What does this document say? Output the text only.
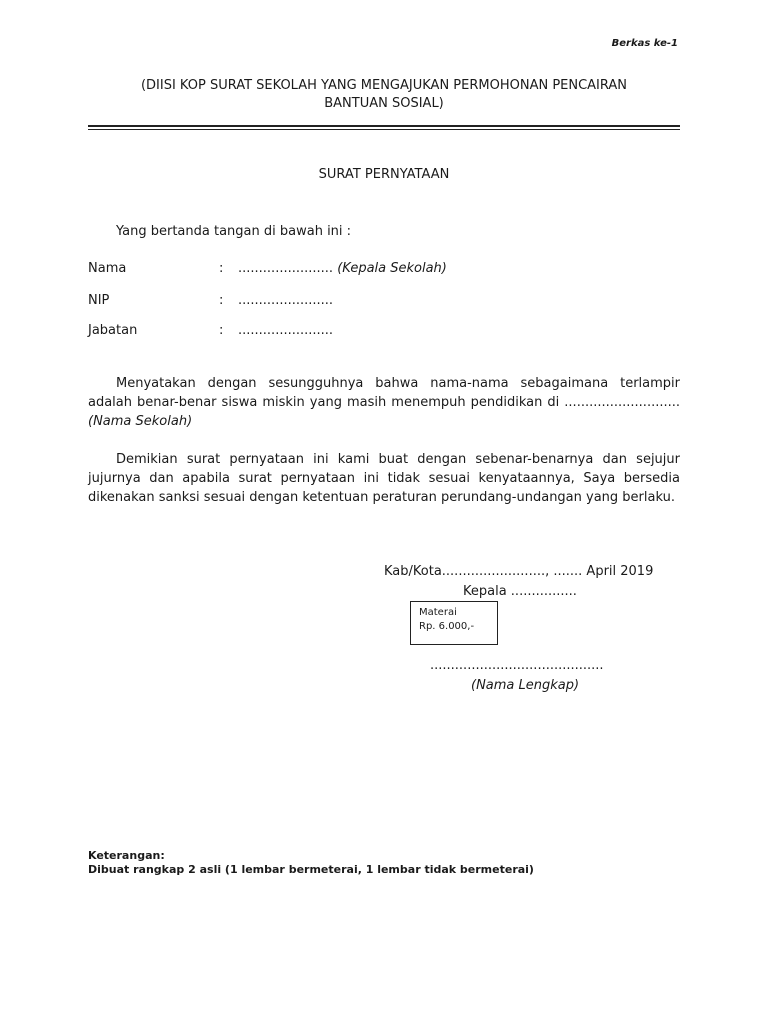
Berkas ke-1
(DIISI KOP SURAT SEKOLAH YANG MENGAJUKAN PERMOHONAN PENCAIRAN
BANTUAN SOSIAL)
SURAT PERNYATAAN
Yang bertanda tangan di bawah ini :
Nama	: ....................... (Kepala Sekolah)
NIP	: .......................
Jabatan	: .......................
Menyatakan dengan sesungguhnya bahwa nama-nama sebagaimana terlampir adalah benar-benar siswa miskin yang masih menempuh pendidikan di ............................ (Nama Sekolah)
Demikian surat pernyataan ini kami buat dengan sebenar-benarnya dan sejujur jujurnya dan apabila surat pernyataan ini tidak sesuai kenyataannya, Saya bersedia dikenakan sanksi sesuai dengan ketentuan peraturan perundang-undangan yang berlaku.
Kab/Kota........................., ....... April 2019
Kepala ................
Materai
Rp. 6.000,-
..........................................
(Nama Lengkap)
Keterangan:
Dibuat rangkap 2 asli (1 lembar bermeterai, 1 lembar tidak bermeterai)
